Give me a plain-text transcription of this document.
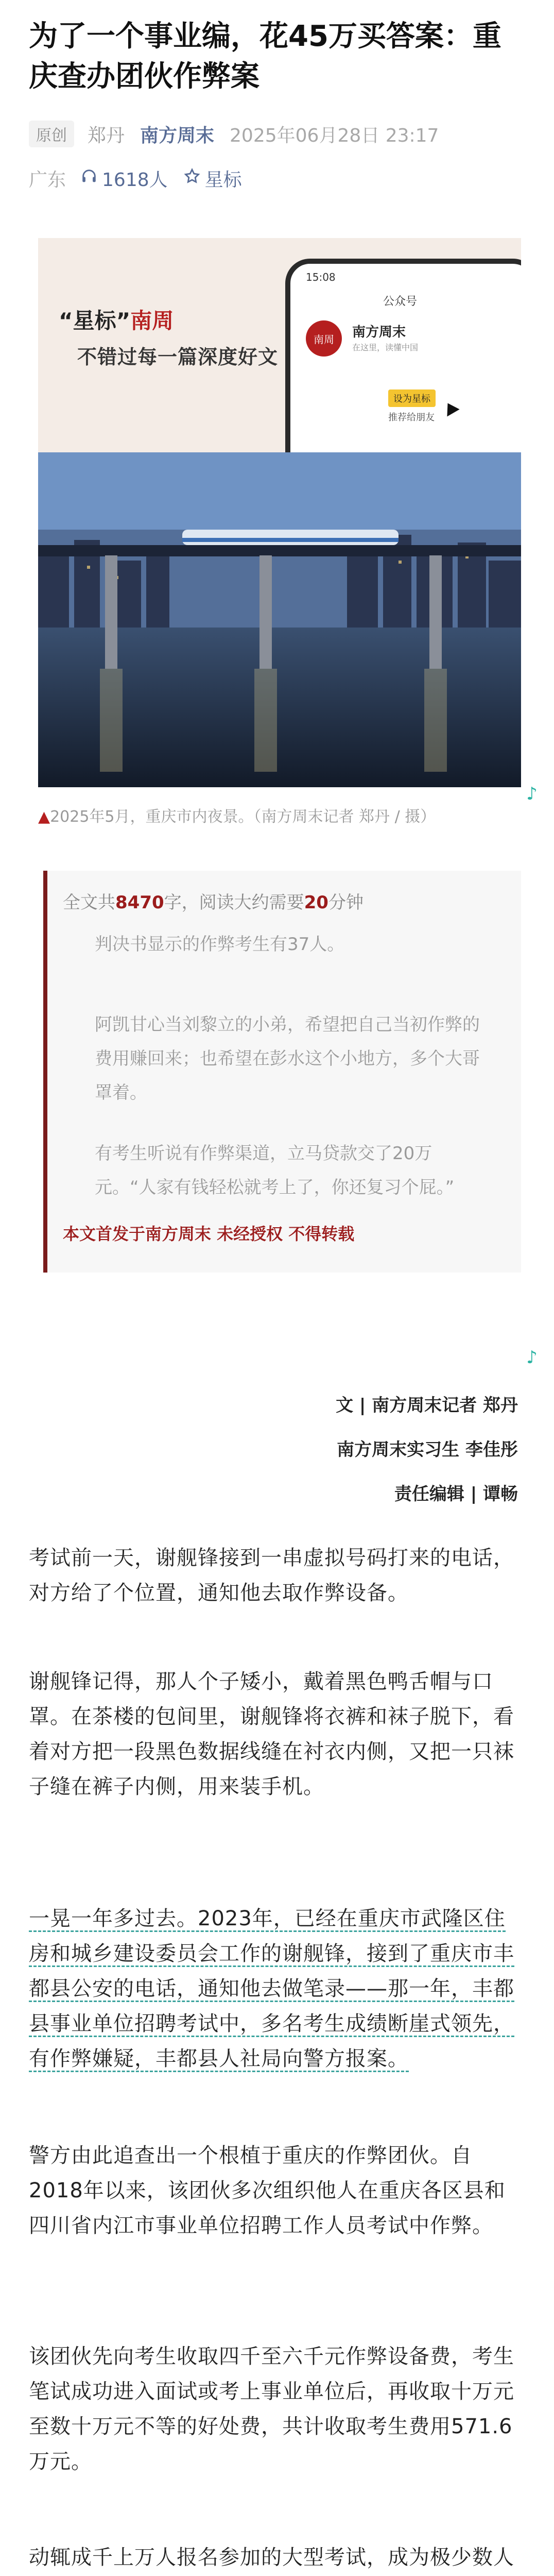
为了一个事业编，花45万买答案：重庆查办团伙作弊案
原创	郑丹 南方周末 2025年06月28日 23:17
广东 1618人 星标
“星标”南周
不错过每一篇深度好文
15:08
公众号
南周	南方周末
在这里，读懂中国
设为星标
推荐给朋友
▲2025年5月，重庆市内夜景。（南方周末记者 郑丹 / 摄）
全文共8470字，阅读大约需要20分钟
判决书显示的作弊考生有37人。
阿凯甘心当刘黎立的小弟，希望把自己当初作弊的费用赚回来；也希望在彭水这个小地方，多个大哥罩着。
有考生听说有作弊渠道，立马贷款交了20万元。“人家有钱轻松就考上了，你还复习个屁。”
本文首发于南方周末 未经授权 不得转载
文 | 南方周末记者 郑丹
南方周末实习生 李佳彤
责任编辑 | 谭畅
考试前一天，谢舰锋接到一串虚拟号码打来的电话，对方给了个位置，通知他去取作弊设备。
谢舰锋记得，那人个子矮小，戴着黑色鸭舌帽与口罩。在茶楼的包间里，谢舰锋将衣裤和袜子脱下，看着对方把一段黑色数据线缝在衬衣内侧，又把一只袜子缝在裤子内侧，用来装手机。
一晃一年多过去。2023年，已经在重庆市武隆区住房和城乡建设委员会工作的谢舰锋，接到了重庆市丰都县公安的电话，通知他去做笔录——那一年，丰都县事业单位招聘考试中，多名考生成绩断崖式领先，有作弊嫌疑，丰都县人社局向警方报案。
警方由此追查出一个根植于重庆的作弊团伙。自2018年以来，该团伙多次组织他人在重庆各区县和四川省内江市事业单位招聘工作人员考试中作弊。
该团伙先向考生收取四千至六千元作弊设备费，考生笔试成功进入面试或考上事业单位后，再收取十万元至数十万元不等的好处费，共计收取考生费用571.6万元。
动辄成千上万人报名参加的大型考试，成为极少数人
♪
♪
